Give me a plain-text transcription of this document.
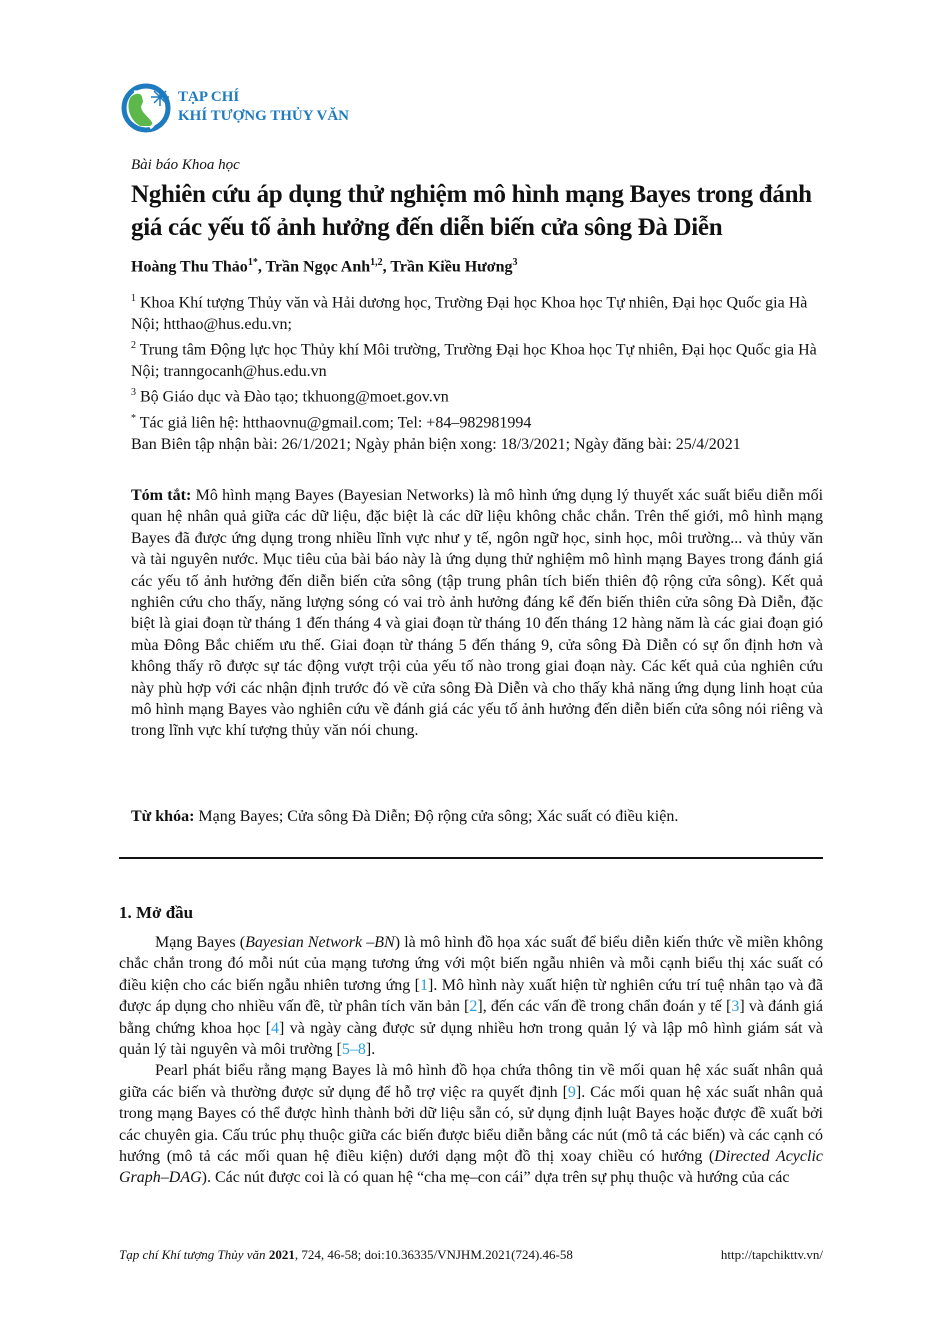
TẠP CHÍ
KHÍ TƯỢNG THỦY VĂN
Bài báo Khoa học
Nghiên cứu áp dụng thử nghiệm mô hình mạng Bayes trong đánh giá các yếu tố ảnh hưởng đến diễn biến cửa sông Đà Diễn
Hoàng Thu Thảo$^{1*}$, Trần Ngọc Anh$^{1,2}$, Trần Kiều Hương$^3$
$^1$ Khoa Khí tượng Thủy văn và Hải dương học, Trường Đại học Khoa học Tự nhiên, Đại học Quốc gia Hà Nội; htthao@hus.edu.vn;
$^2$ Trung tâm Động lực học Thủy khí Môi trường, Trường Đại học Khoa học Tự nhiên, Đại học Quốc gia Hà Nội; tranngocanh@hus.edu.vn
$^3$ Bộ Giáo dục và Đào tạo; tkhuong@moet.gov.vn
* Tác giả liên hệ: htthaovnu@gmail.com; Tel: +84–982981994
Ban Biên tập nhận bài: 26/1/2021; Ngày phản biện xong: 18/3/2021; Ngày đăng bài: 25/4/2021
Tóm tắt: Mô hình mạng Bayes (Bayesian Networks) là mô hình ứng dụng lý thuyết xác suất biểu diễn mối quan hệ nhân quả giữa các dữ liệu, đặc biệt là các dữ liệu không chắc chắn. Trên thế giới, mô hình mạng Bayes đã được ứng dụng trong nhiều lĩnh vực như y tế, ngôn ngữ học, sinh học, môi trường... và thủy văn và tài nguyên nước. Mục tiêu của bài báo này là ứng dụng thử nghiệm mô hình mạng Bayes trong đánh giá các yếu tố ảnh hưởng đến diễn biến cửa sông (tập trung phân tích biến thiên độ rộng cửa sông). Kết quả nghiên cứu cho thấy, năng lượng sóng có vai trò ảnh hưởng đáng kể đến biến thiên cửa sông Đà Diễn, đặc biệt là giai đoạn từ tháng 1 đến tháng 4 và giai đoạn từ tháng 10 đến tháng 12 hàng năm là các giai đoạn gió mùa Đông Bắc chiếm ưu thế. Giai đoạn từ tháng 5 đến tháng 9, cửa sông Đà Diễn có sự ổn định hơn và không thấy rõ được sự tác động vượt trội của yếu tố nào trong giai đoạn này. Các kết quả của nghiên cứu này phù hợp với các nhận định trước đó về cửa sông Đà Diễn và cho thấy khả năng ứng dụng linh hoạt của mô hình mạng Bayes vào nghiên cứu về đánh giá các yếu tố ảnh hưởng đến diễn biến cửa sông nói riêng và trong lĩnh vực khí tượng thủy văn nói chung.
Từ khóa: Mạng Bayes; Cửa sông Đà Diễn; Độ rộng cửa sông; Xác suất có điều kiện.
1. Mở đầu

Mạng Bayes (Bayesian Network –BN) là mô hình đồ họa xác suất để biểu diễn kiến thức về miền không chắc chắn trong đó mỗi nút của mạng tương ứng với một biến ngẫu nhiên và mỗi cạnh biểu thị xác suất có điều kiện cho các biến ngẫu nhiên tương ứng [1]. Mô hình này xuất hiện từ nghiên cứu trí tuệ nhân tạo và đã được áp dụng cho nhiều vấn đề, từ phân tích văn bản [2], đến các vấn đề trong chẩn đoán y tế [3] và đánh giá bằng chứng khoa học [4] và ngày càng được sử dụng nhiều hơn trong quản lý và lập mô hình giám sát và quản lý tài nguyên và môi trường [5–8].

Pearl phát biểu rằng mạng Bayes là mô hình đồ họa chứa thông tin về mối quan hệ xác suất nhân quả giữa các biến và thường được sử dụng để hỗ trợ việc ra quyết định [9]. Các mối quan hệ xác suất nhân quả trong mạng Bayes có thể được hình thành bởi dữ liệu sẵn có, sử dụng định luật Bayes hoặc được đề xuất bởi các chuyên gia. Cấu trúc phụ thuộc giữa các biến được biểu diễn bằng các nút (mô tả các biến) và các cạnh có hướng (mô tả các mối quan hệ điều kiện) dưới dạng một đồ thị xoay chiều có hướng (Directed Acyclic Graph–DAG). Các nút được coi là có quan hệ “cha mẹ–con cái” dựa trên sự phụ thuộc và hướng của các

Tạp chí Khí tượng Thủy văn 2021, 724, 46-58; doi:10.36335/VNJHM.2021(724).46-58	http://tapchikttv.vn/
